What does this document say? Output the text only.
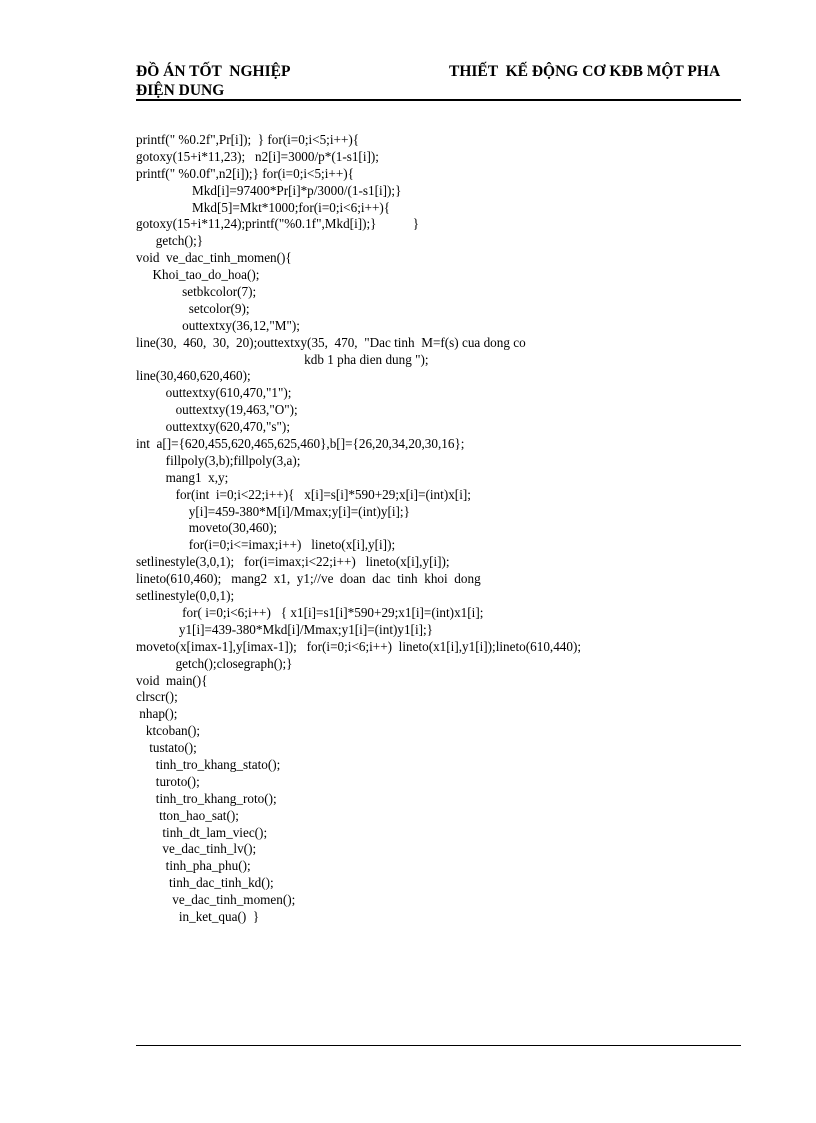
ĐỒ ÁN TỐT  NGHIỆP
ĐIỆN DUNG
THIẾT  KẾ ĐỘNG CƠ KĐB MỘT PHA
printf(" %0.2f",Pr[i]);  } for(i=0;i<5;i++){
gotoxy(15+i*11,23);   n2[i]=3000/p*(1-s1[i]);
printf(" %0.0f",n2[i]);} for(i=0;i<5;i++){
Mkd[i]=97400*Pr[i]*p/3000/(1-s1[i]);}
Mkd[5]=Mkt*1000;for(i=0;i<6;i++){
gotoxy(15+i*11,24);printf("%0.1f",Mkd[i]);}           }
getch();}
void  ve_dac_tinh_momen(){
Khoi_tao_do_hoa();
setbkcolor(7);
setcolor(9);
outtextxy(36,12,"M");
line(30,  460,  30,  20);outtextxy(35,  470,  "Dac tinh  M=f(s) cua dong co
kdb 1 pha dien dung ");
line(30,460,620,460);
outtextxy(610,470,"1");
outtextxy(19,463,"O");
outtextxy(620,470,"s");
int  a[]={620,455,620,465,625,460},b[]={26,20,34,20,30,16};
fillpoly(3,b);fillpoly(3,a);
mang1  x,y;
for(int  i=0;i<22;i++){   x[i]=s[i]*590+29;x[i]=(int)x[i];
y[i]=459-380*M[i]/Mmax;y[i]=(int)y[i];}
moveto(30,460);
for(i=0;i<=imax;i++)   lineto(x[i],y[i]);
setlinestyle(3,0,1);   for(i=imax;i<22;i++)   lineto(x[i],y[i]);
lineto(610,460);   mang2  x1,  y1;//ve  doan  dac  tinh  khoi  dong
setlinestyle(0,0,1);
for( i=0;i<6;i++)   { x1[i]=s1[i]*590+29;x1[i]=(int)x1[i];
y1[i]=439-380*Mkd[i]/Mmax;y1[i]=(int)y1[i];}
moveto(x[imax-1],y[imax-1]);   for(i=0;i<6;i++)  lineto(x1[i],y1[i]);lineto(610,440);
getch();closegraph();}
void  main(){
clrscr();
nhap();
ktcoban();
tustato();
tinh_tro_khang_stato();
turoto();
tinh_tro_khang_roto();
tton_hao_sat();
tinh_dt_lam_viec();
ve_dac_tinh_lv();
tinh_pha_phu();
tinh_dac_tinh_kd();
ve_dac_tinh_momen();
in_ket_qua()  }
